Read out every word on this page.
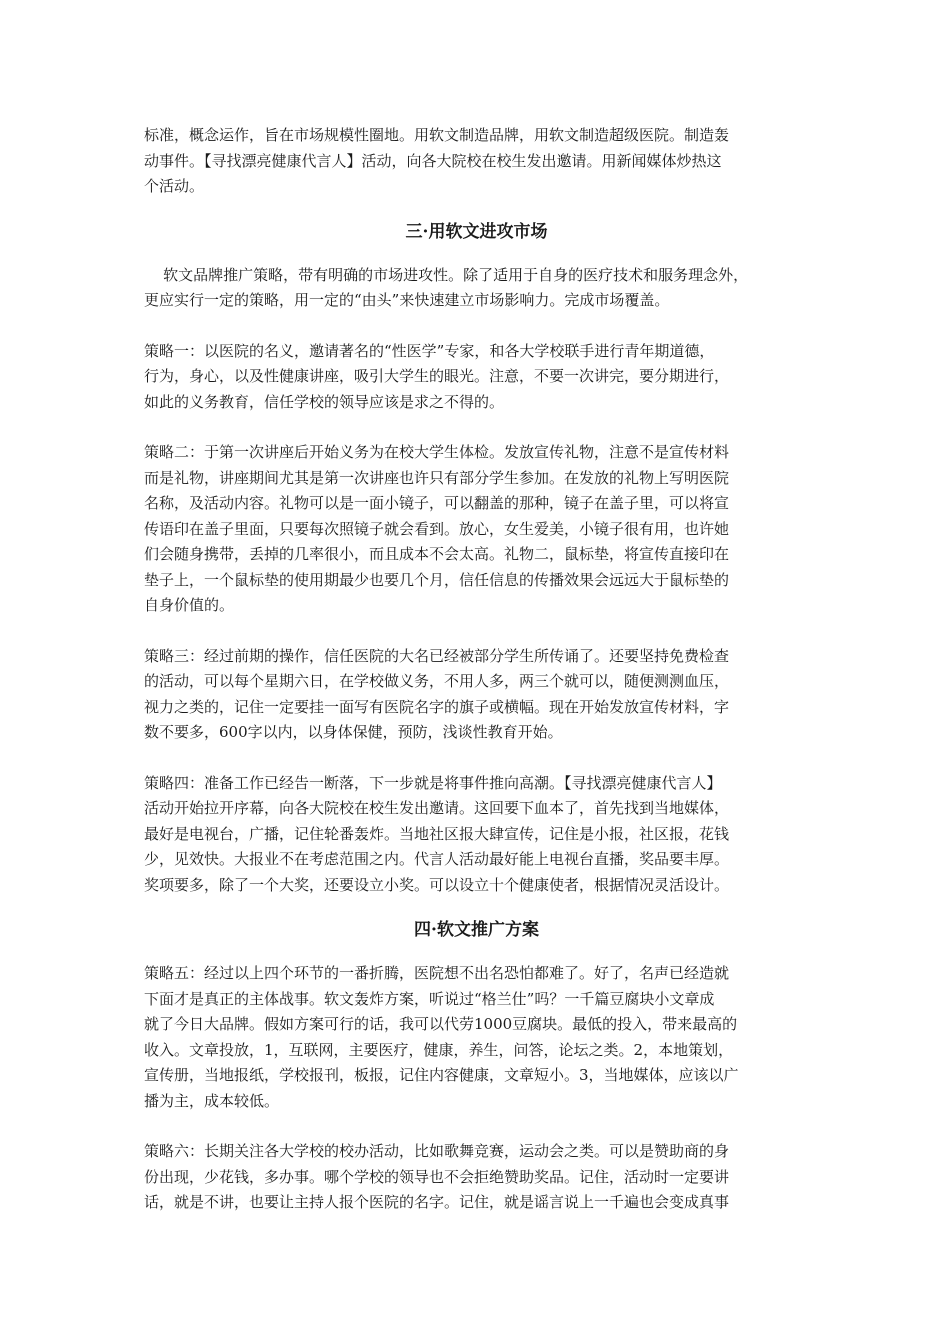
标准，概念运作，旨在市场规模性圈地。用软文制造品牌，用软文制造超级医院。制造轰
动事件。【寻找漂亮健康代言人】活动，向各大院校在校生发出邀请。用新闻媒体炒热这
个活动。
三·用软文进攻市场
软文品牌推广策略，带有明确的市场进攻性。除了适用于自身的医疗技术和服务理念外，
更应实行一定的策略，用一定的“由头”来快速建立市场影响力。完成市场覆盖。
策略一：以医院的名义，邀请著名的“性医学”专家，和各大学校联手进行青年期道德，
行为，身心，以及性健康讲座，吸引大学生的眼光。注意，不要一次讲完，要分期进行，
如此的义务教育，信任学校的领导应该是求之不得的。
策略二：于第一次讲座后开始义务为在校大学生体检。发放宣传礼物，注意不是宣传材料
而是礼物，讲座期间尤其是第一次讲座也许只有部分学生参加。在发放的礼物上写明医院
名称，及活动内容。礼物可以是一面小镜子，可以翻盖的那种，镜子在盖子里，可以将宣
传语印在盖子里面，只要每次照镜子就会看到。放心，女生爱美，小镜子很有用，也许她
们会随身携带，丢掉的几率很小，而且成本不会太高。礼物二，鼠标垫，将宣传直接印在
垫子上，一个鼠标垫的使用期最少也要几个月，信任信息的传播效果会远远大于鼠标垫的
自身价值的。
策略三：经过前期的操作，信任医院的大名已经被部分学生所传诵了。还要坚持免费检查
的活动，可以每个星期六日，在学校做义务，不用人多，两三个就可以，随便测测血压，
视力之类的，记住一定要挂一面写有医院名字的旗子或横幅。现在开始发放宣传材料，字
数不要多，600字以内，以身体保健，预防，浅谈性教育开始。
策略四：准备工作已经告一断落，下一步就是将事件推向高潮。【寻找漂亮健康代言人】
活动开始拉开序幕，向各大院校在校生发出邀请。这回要下血本了，首先找到当地媒体，
最好是电视台，广播，记住轮番轰炸。当地社区报大肆宣传，记住是小报，社区报，花钱
少，见效快。大报业不在考虑范围之内。代言人活动最好能上电视台直播，奖品要丰厚。
奖项要多，除了一个大奖，还要设立小奖。可以设立十个健康使者，根据情况灵活设计。
四·软文推广方案
策略五：经过以上四个环节的一番折腾，医院想不出名恐怕都难了。好了，名声已经造就
下面才是真正的主体战事。软文轰炸方案，听说过“格兰仕”吗？一千篇豆腐块小文章成
就了今日大品牌。假如方案可行的话，我可以代劳1000豆腐块。最低的投入，带来最高的
收入。文章投放，1，互联网，主要医疗，健康，养生，问答，论坛之类。2，本地策划，
宣传册，当地报纸，学校报刊，板报，记住内容健康，文章短小。3，当地媒体，应该以广
播为主，成本较低。
策略六：长期关注各大学校的校办活动，比如歌舞竞赛，运动会之类。可以是赞助商的身
份出现，少花钱，多办事。哪个学校的领导也不会拒绝赞助奖品。记住，活动时一定要讲
话，就是不讲，也要让主持人报个医院的名字。记住，就是谣言说上一千遍也会变成真事
